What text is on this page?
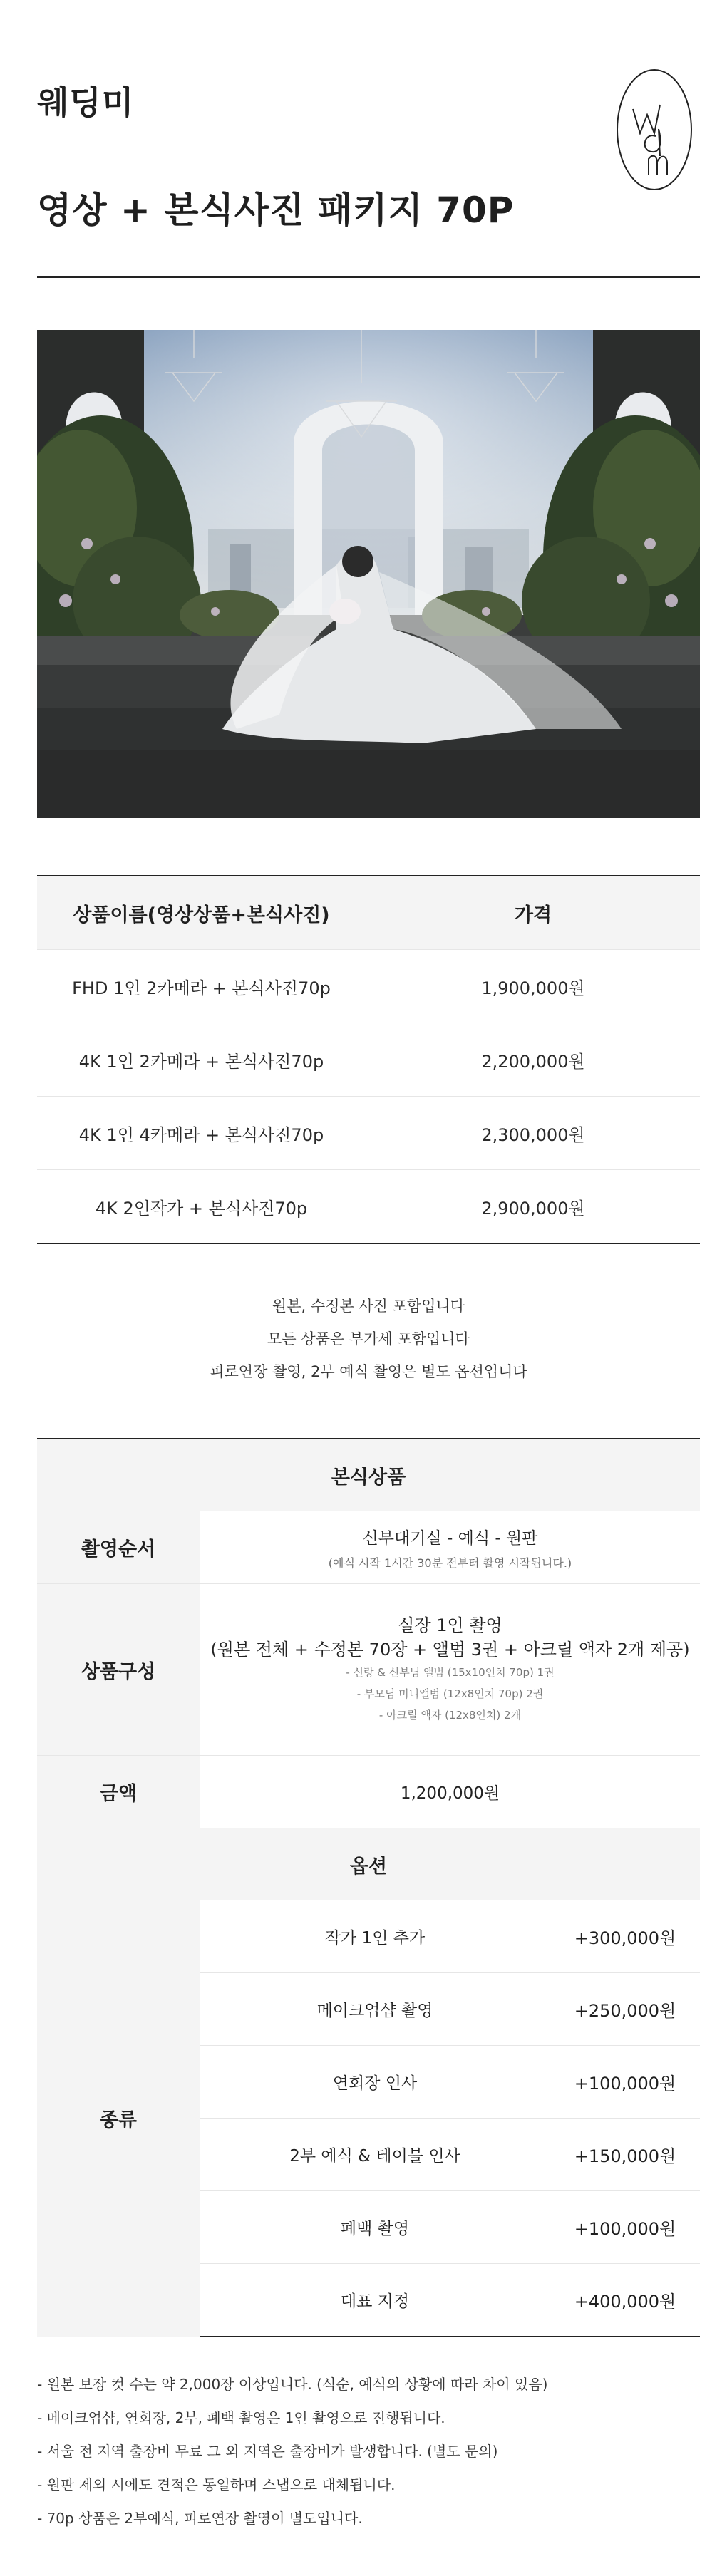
웨딩미
영상 + 본식사진 패키지 70P
상품이름(영상상품+본식사진)	가격
FHD 1인 2카메라 + 본식사진70p	1,900,000원
4K 1인 2카메라 + 본식사진70p	2,200,000원
4K 1인 4카메라 + 본식사진70p	2,300,000원
4K 2인작가 + 본식사진70p	2,900,000원
원본, 수정본 사진 포함입니다
모든 상품은 부가세 포함입니다
피로연장 촬영, 2부 예식 촬영은 별도 옵션입니다
본식상품		
촬영순서	신부대기실 - 예식 - 원판
(예식 시작 1시간 30분 전부터 촬영 시작됩니다.)	

상품구성	실장 1인 촬영
(원본 전체 + 수정본 70장 + 앨범 3권 + 아크릴 액자 2개 제공)
- 신랑 & 신부님 앨범 (15x10인치 70p) 1권
- 부모님 미니앨범 (12x8인치 70p) 2권
- 아크릴 액자 (12x8인치) 2개	

금액	1,200,000원	
옵션		
종류	작가 1인 추가	+300,000원
	메이크업샵 촬영	+250,000원
	연회장 인사	+100,000원
	2부 예식 & 테이블 인사	+150,000원
	폐백 촬영	+100,000원
	대표 지정	+400,000원
- 원본 보장 컷 수는 약 2,000장 이상입니다. (식순, 예식의 상황에 따라 차이 있음)
- 메이크업샵, 연회장, 2부, 폐백 촬영은 1인 촬영으로 진행됩니다.
- 서울 전 지역 출장비 무료 그 외 지역은 출장비가 발생합니다. (별도 문의)
- 원판 제외 시에도 견적은 동일하며 스냅으로 대체됩니다.
- 70p 상품은 2부예식, 피로연장 촬영이 별도입니다.
